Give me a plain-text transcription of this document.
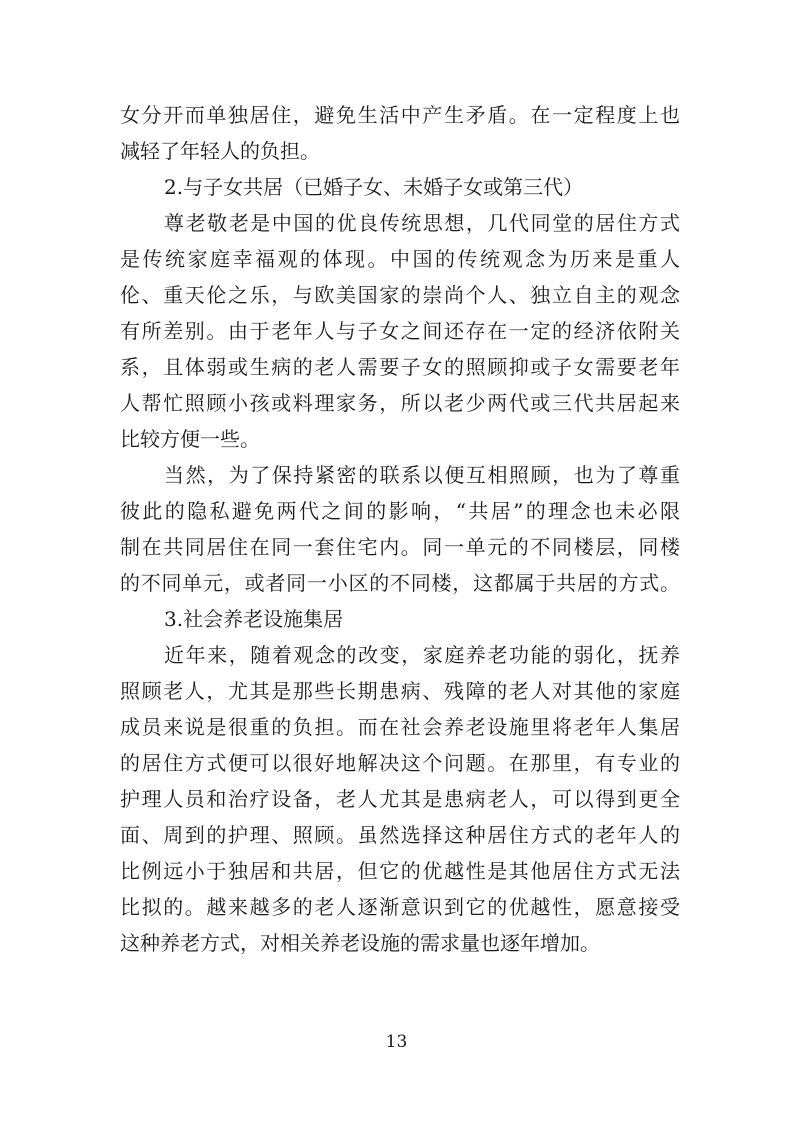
女分开而单独居住，避免生活中产生矛盾。在一定程度上也
减轻了年轻人的负担。
2.与子女共居（已婚子女、未婚子女或第三代）
尊老敬老是中国的优良传统思想，几代同堂的居住方式
是传统家庭幸福观的体现。中国的传统观念为历来是重人
伦、重天伦之乐，与欧美国家的崇尚个人、独立自主的观念
有所差别。由于老年人与子女之间还存在一定的经济依附关
系，且体弱或生病的老人需要子女的照顾抑或子女需要老年
人帮忙照顾小孩或料理家务，所以老少两代或三代共居起来
比较方便一些。
当然，为了保持紧密的联系以便互相照顾，也为了尊重
彼此的隐私避免两代之间的影响，“共居”的理念也未必限
制在共同居住在同一套住宅内。同一单元的不同楼层，同楼
的不同单元，或者同一小区的不同楼，这都属于共居的方式。
3.社会养老设施集居
近年来，随着观念的改变，家庭养老功能的弱化，抚养
照顾老人，尤其是那些长期患病、残障的老人对其他的家庭
成员来说是很重的负担。而在社会养老设施里将老年人集居
的居住方式便可以很好地解决这个问题。在那里，有专业的
护理人员和治疗设备，老人尤其是患病老人，可以得到更全
面、周到的护理、照顾。虽然选择这种居住方式的老年人的
比例远小于独居和共居，但它的优越性是其他居住方式无法
比拟的。越来越多的老人逐渐意识到它的优越性，愿意接受
这种养老方式，对相关养老设施的需求量也逐年增加。
13
